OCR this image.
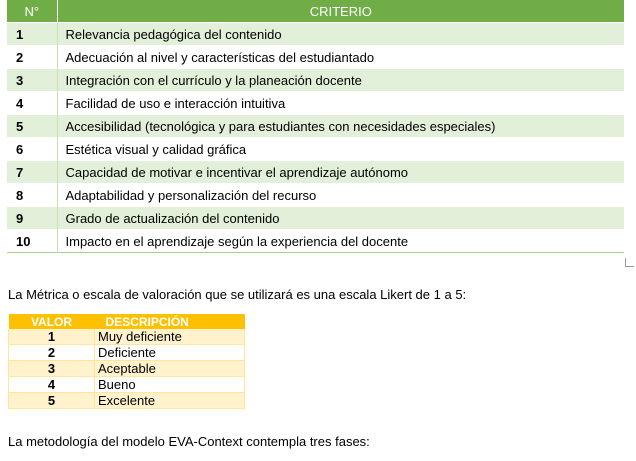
N°	CRITERIO
1	Relevancia pedagógica del contenido
2	Adecuación al nivel y características del estudiantado
3	Integración con el currículo y la planeación docente
4	Facilidad de uso e interacción intuitiva
5	Accesibilidad (tecnológica y para estudiantes con necesidades especiales)
6	Estética visual y calidad gráfica
7	Capacidad de motivar e incentivar el aprendizaje autónomo
8	Adaptabilidad y personalización del recurso
9	Grado de actualización del contenido
10	Impacto en el aprendizaje según la experiencia del docente

La Métrica o escala de valoración que se utilizará es una escala Likert de 1 a 5:

VALOR	DESCRIPCIÓN
1	Muy deficiente
2	Deficiente
3	Aceptable
4	Bueno
5	Excelente

La metodología del modelo EVA-Context contempla tres fases:
